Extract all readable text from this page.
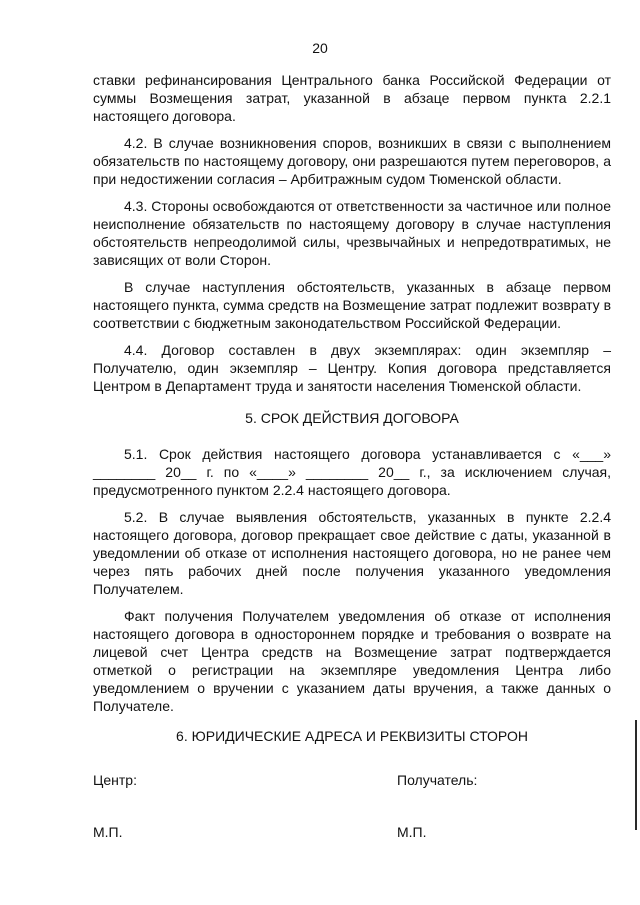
20

ставки рефинансирования Центрального банка Российской Федерации от суммы Возмещения затрат, указанной в абзаце первом пункта 2.2.1 настоящего договора.

4.2. В случае возникновения споров, возникших в связи с выполнением обязательств по настоящему договору, они разрешаются путем переговоров, а при недостижении согласия – Арбитражным судом Тюменской области.

4.3. Стороны освобождаются от ответственности за частичное или полное неисполнение обязательств по настоящему договору в случае наступления обстоятельств непреодолимой силы, чрезвычайных и непредотвратимых, не зависящих от воли Сторон.

В случае наступления обстоятельств, указанных в абзаце первом настоящего пункта, сумма средств на Возмещение затрат подлежит возврату в соответствии с бюджетным законодательством Российской Федерации.

4.4. Договор составлен в двух экземплярах: один экземпляр – Получателю, один экземпляр – Центру. Копия договора представляется Центром в Департамент труда и занятости населения Тюменской области.

5. СРОК ДЕЙСТВИЯ ДОГОВОРА

5.1. Срок действия настоящего договора устанавливается с «___» ________ 20__ г. по «____» ________ 20__ г., за исключением случая, предусмотренного пунктом 2.2.4 настоящего договора.

5.2. В случае выявления обстоятельств, указанных в пункте 2.2.4 настоящего договора, договор прекращает свое действие с даты, указанной в уведомлении об отказе от исполнения настоящего договора, но не ранее чем через пять рабочих дней после получения указанного уведомления Получателем.

Факт получения Получателем уведомления об отказе от исполнения настоящего договора в одностороннем порядке и требования о возврате на лицевой счет Центра средств на Возмещение затрат подтверждается отметкой о регистрации на экземпляре уведомления Центра либо уведомлением о вручении с указанием даты вручения, а также данных о Получателе.

6. ЮРИДИЧЕСКИЕ АДРЕСА И РЕКВИЗИТЫ СТОРОН
Центр:	Получатель:
М.П.	М.П.
